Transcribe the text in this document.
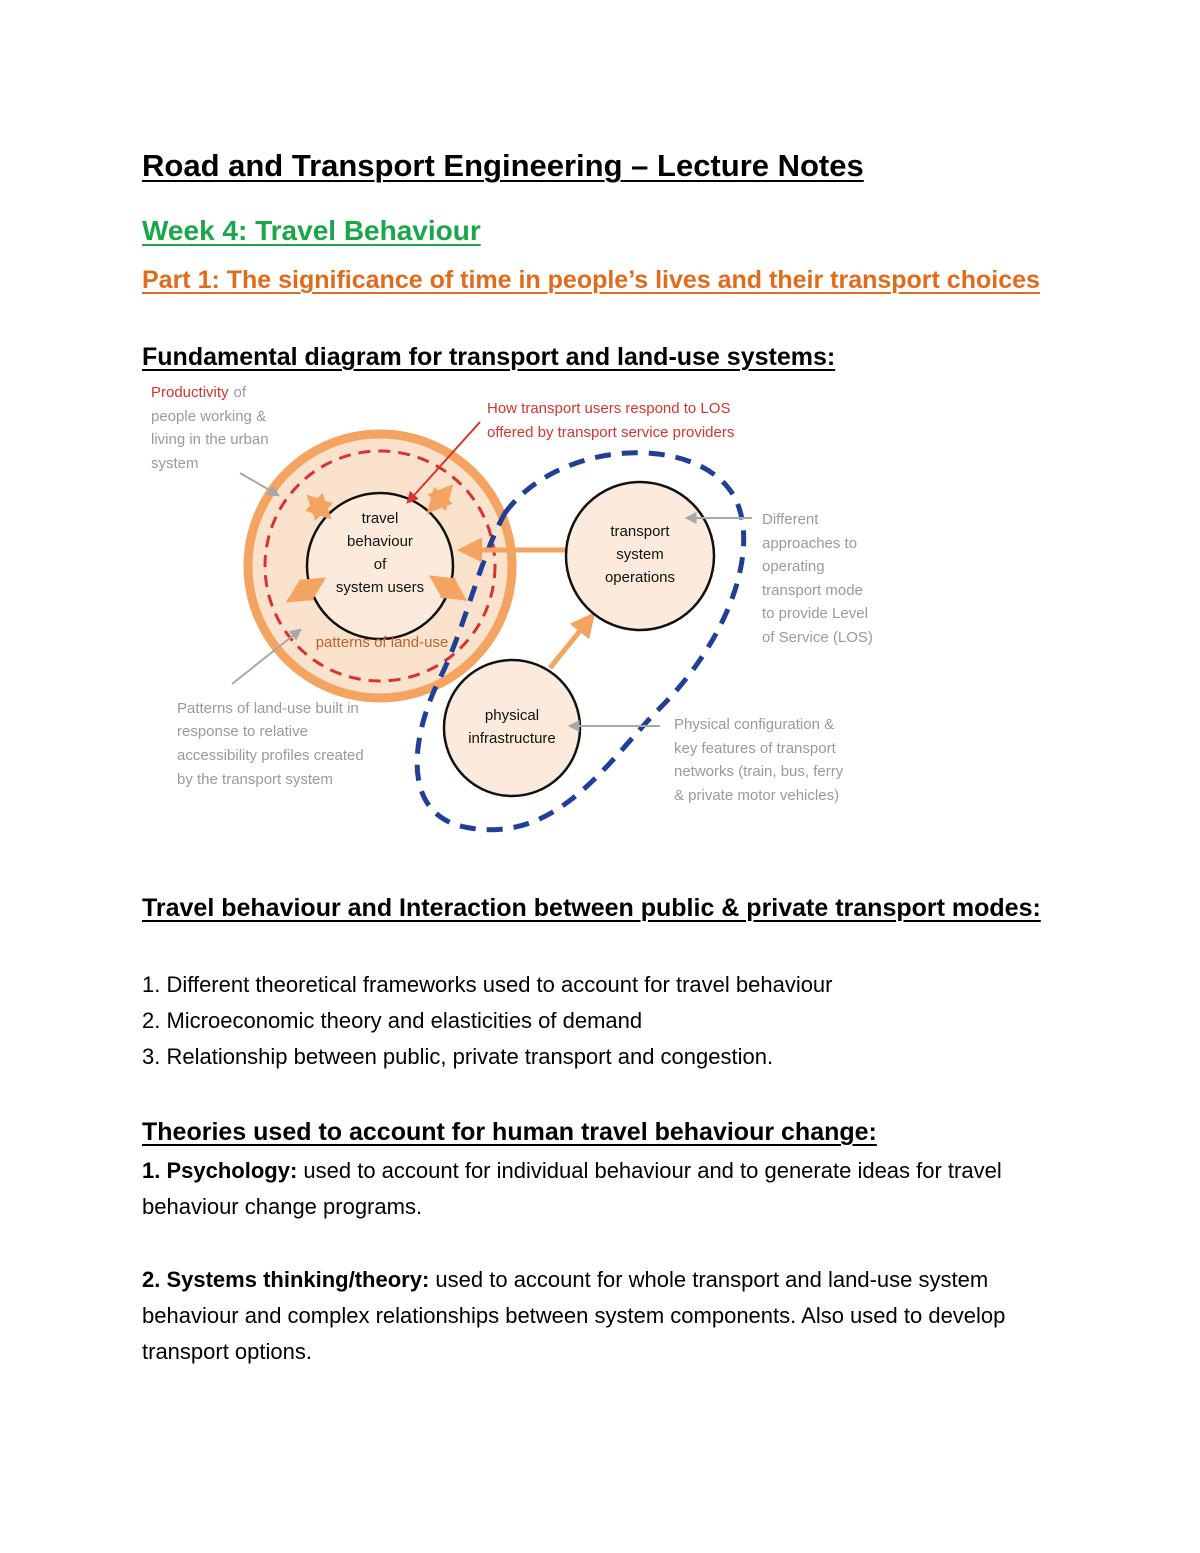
Road and Transport Engineering – Lecture Notes
Week 4: Travel Behaviour
Part 1: The significance of time in people’s lives and their transport choices
Fundamental diagram for transport and land-use systems:
travel
behaviour
of
system users
transport
system
operations
physical
infrastructure
patterns of land-use
Productivity of
people working &
living in the urban
system
How transport users respond to LOS
offered by transport service providers
Different
approaches to
operating
transport mode
to provide Level
of Service (LOS)
Patterns of land-use built in
response to relative
accessibility profiles created
by the transport system
Physical configuration &
key features of transport
networks (train, bus, ferry
& private motor vehicles)
Travel behaviour and Interaction between public & private transport modes:

1. Different theoretical frameworks used to account for travel behaviour

2. Microeconomic theory and elasticities of demand

3. Relationship between public, private transport and congestion.

Theories used to account for human travel behaviour change:

1. Psychology: used to account for individual behaviour and to generate ideas for travel behaviour change programs.

2. Systems thinking/theory: used to account for whole transport and land-use system behaviour and complex relationships between system components. Also used to develop transport options.
